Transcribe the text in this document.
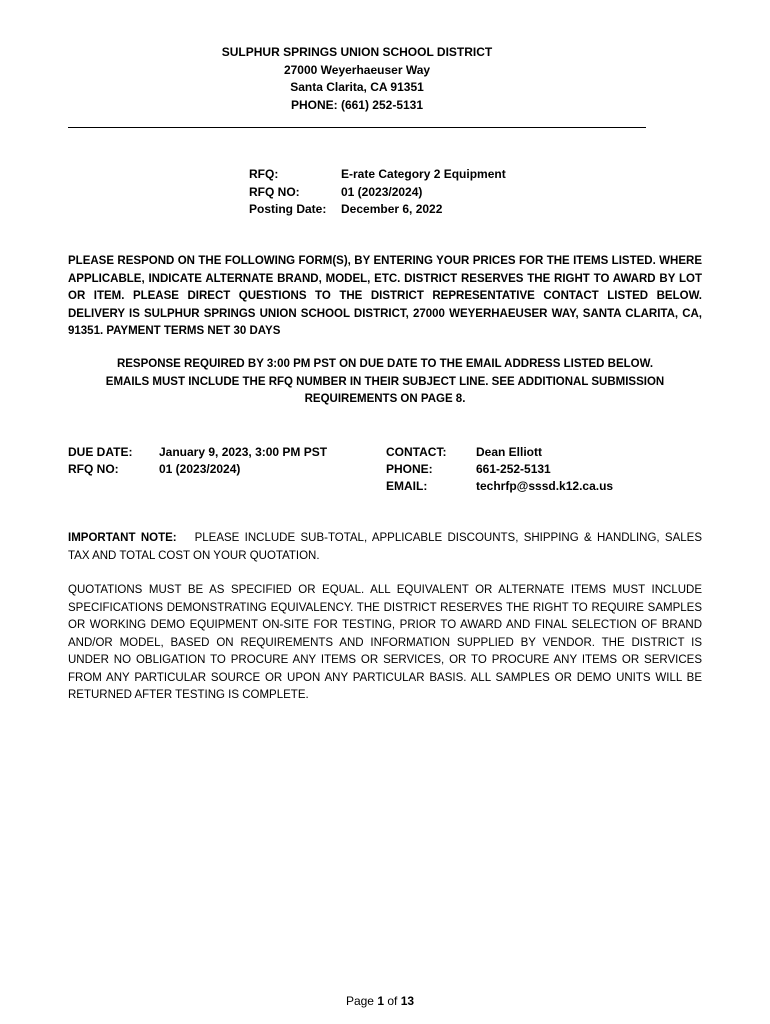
SULPHUR SPRINGS UNION SCHOOL DISTRICT
27000 Weyerhaeuser Way
Santa Clarita, CA 91351
PHONE: (661) 252-5131
RFQ:	E-rate Category 2 Equipment
RFQ NO:	01 (2023/2024)
Posting Date:	December 6, 2022
PLEASE RESPOND ON THE FOLLOWING FORM(S), BY ENTERING YOUR PRICES FOR THE ITEMS LISTED. WHERE APPLICABLE, INDICATE ALTERNATE BRAND, MODEL, ETC. DISTRICT RESERVES THE RIGHT TO AWARD BY LOT OR ITEM. PLEASE DIRECT QUESTIONS TO THE DISTRICT REPRESENTATIVE CONTACT LISTED BELOW. DELIVERY IS SULPHUR SPRINGS UNION SCHOOL DISTRICT, 27000 WEYERHAEUSER WAY, SANTA CLARITA, CA, 91351. PAYMENT TERMS NET 30 DAYS
RESPONSE REQUIRED BY 3:00 PM PST ON DUE DATE TO THE EMAIL ADDRESS LISTED BELOW.
EMAILS MUST INCLUDE THE RFQ NUMBER IN THEIR SUBJECT LINE. SEE ADDITIONAL SUBMISSION
REQUIREMENTS ON PAGE 8.
DUE DATE:	January 9, 2023, 3:00 PM PST
RFQ NO:	01 (2023/2024)
CONTACT:	Dean Elliott
PHONE:	661-252-5131
EMAIL:	techrfp@sssd.k12.ca.us
IMPORTANT NOTE: PLEASE INCLUDE SUB-TOTAL, APPLICABLE DISCOUNTS, SHIPPING & HANDLING, SALES TAX AND TOTAL COST ON YOUR QUOTATION.
QUOTATIONS MUST BE AS SPECIFIED OR EQUAL. ALL EQUIVALENT OR ALTERNATE ITEMS MUST INCLUDE SPECIFICATIONS DEMONSTRATING EQUIVALENCY. THE DISTRICT RESERVES THE RIGHT TO REQUIRE SAMPLES OR WORKING DEMO EQUIPMENT ON-SITE FOR TESTING, PRIOR TO AWARD AND FINAL SELECTION OF BRAND AND/OR MODEL, BASED ON REQUIREMENTS AND INFORMATION SUPPLIED BY VENDOR. THE DISTRICT IS UNDER NO OBLIGATION TO PROCURE ANY ITEMS OR SERVICES, OR TO PROCURE ANY ITEMS OR SERVICES FROM ANY PARTICULAR SOURCE OR UPON ANY PARTICULAR BASIS. ALL SAMPLES OR DEMO UNITS WILL BE RETURNED AFTER TESTING IS COMPLETE.
Page 1 of 13
